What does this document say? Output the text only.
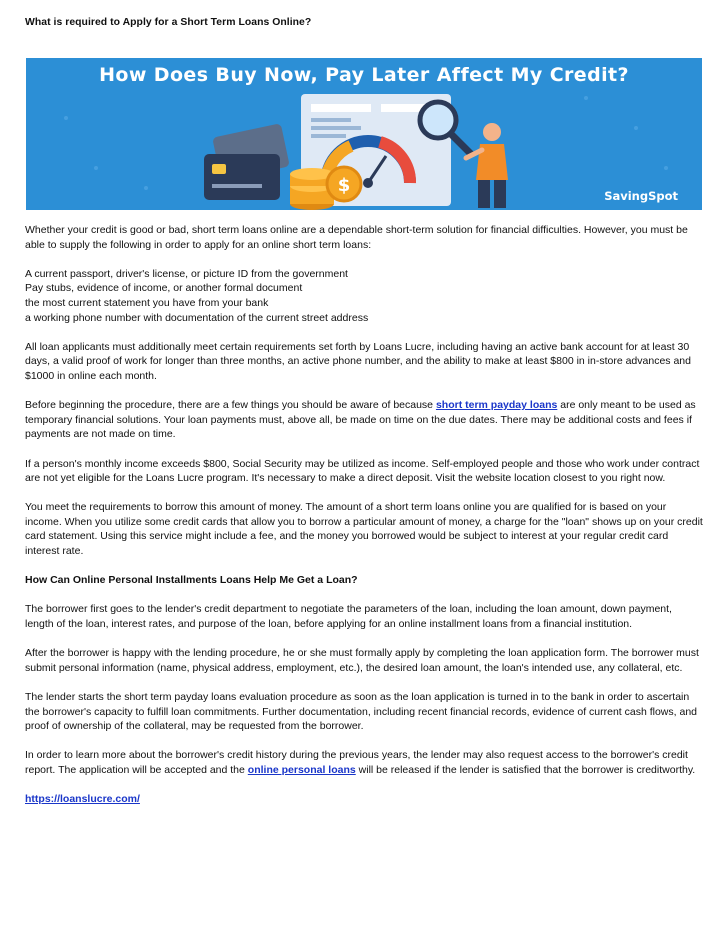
What is required to Apply for a Short Term Loans Online?
$
How Does Buy Now, Pay Later Affect My Credit?
SavingSpot

Whether your credit is good or bad, short term loans online are a dependable short-term solution for financial difficulties. However, you must be able to supply the following in order to apply for an online short term loans:

A current passport, driver's license, or picture ID from the government
Pay stubs, evidence of income, or another formal document
the most current statement you have from your bank
a working phone number with documentation of the current street address

All loan applicants must additionally meet certain requirements set forth by Loans Lucre, including having an active bank account for at least 30 days, a valid proof of work for longer than three months, an active phone number, and the ability to make at least $800 in in-store advances and $1000 in online each month.

Before beginning the procedure, there are a few things you should be aware of because short term payday loans are only meant to be used as temporary financial solutions. Your loan payments must, above all, be made on time on the due dates. There may be additional costs and fees if payments are not made on time.

If a person's monthly income exceeds $800, Social Security may be utilized as income. Self-employed people and those who work under contract are not yet eligible for the Loans Lucre program. It's necessary to make a direct deposit. Visit the website location closest to you right now.

You meet the requirements to borrow this amount of money. The amount of a short term loans online you are qualified for is based on your income. When you utilize some credit cards that allow you to borrow a particular amount of money, a charge for the "loan" shows up on your credit card statement. Using this service might include a fee, and the money you borrowed would be subject to interest at your regular credit card interest rate.

How Can Online Personal Installments Loans Help Me Get a Loan?

The borrower first goes to the lender's credit department to negotiate the parameters of the loan, including the loan amount, down payment, length of the loan, interest rates, and purpose of the loan, before applying for an online installment loans from a financial institution.

After the borrower is happy with the lending procedure, he or she must formally apply by completing the loan application form. The borrower must submit personal information (name, physical address, employment, etc.), the desired loan amount, the loan's intended use, any collateral, etc.

The lender starts the short term payday loans evaluation procedure as soon as the loan application is turned in to the bank in order to ascertain the borrower's capacity to fulfill loan commitments. Further documentation, including recent financial records, evidence of current cash flows, and proof of ownership of the collateral, may be requested from the borrower.

In order to learn more about the borrower's credit history during the previous years, the lender may also request access to the borrower's credit report. The application will be accepted and the online personal loans will be released if the lender is satisfied that the borrower is creditworthy.

https://loanslucre.com/
